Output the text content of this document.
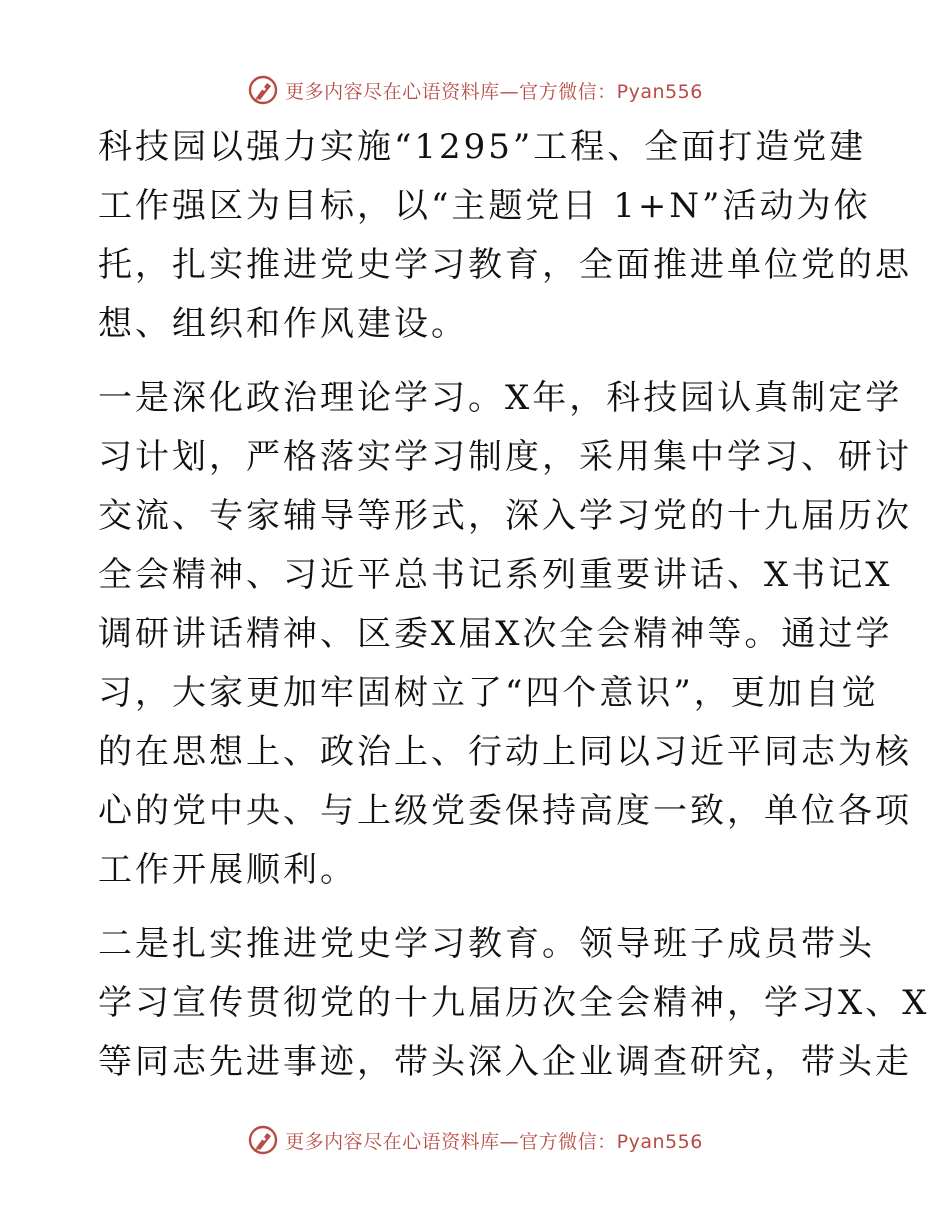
更多内容尽在心语资料库—官方微信：Pyan556

科技园以强力实施“1295”工程、全面打造党建
工作强区为目标，以“主题党日 1+N”活动为依
托，扎实推进党史学习教育，全面推进单位党的思
想、组织和作风建设。

一是深化政治理论学习。X年，科技园认真制定学
习计划，严格落实学习制度，采用集中学习、研讨
交流、专家辅导等形式，深入学习党的十九届历次
全会精神、习近平总书记系列重要讲话、X书记X
调研讲话精神、区委X届X次全会精神等。通过学
习，大家更加牢固树立了“四个意识”，更加自觉
的在思想上、政治上、行动上同以习近平同志为核
心的党中央、与上级党委保持高度一致，单位各项
工作开展顺利。

二是扎实推进党史学习教育。领导班子成员带头
学习宣传贯彻党的十九届历次全会精神，学习X、X
等同志先进事迹，带头深入企业调查研究，带头走

更多内容尽在心语资料库—官方微信：Pyan556
